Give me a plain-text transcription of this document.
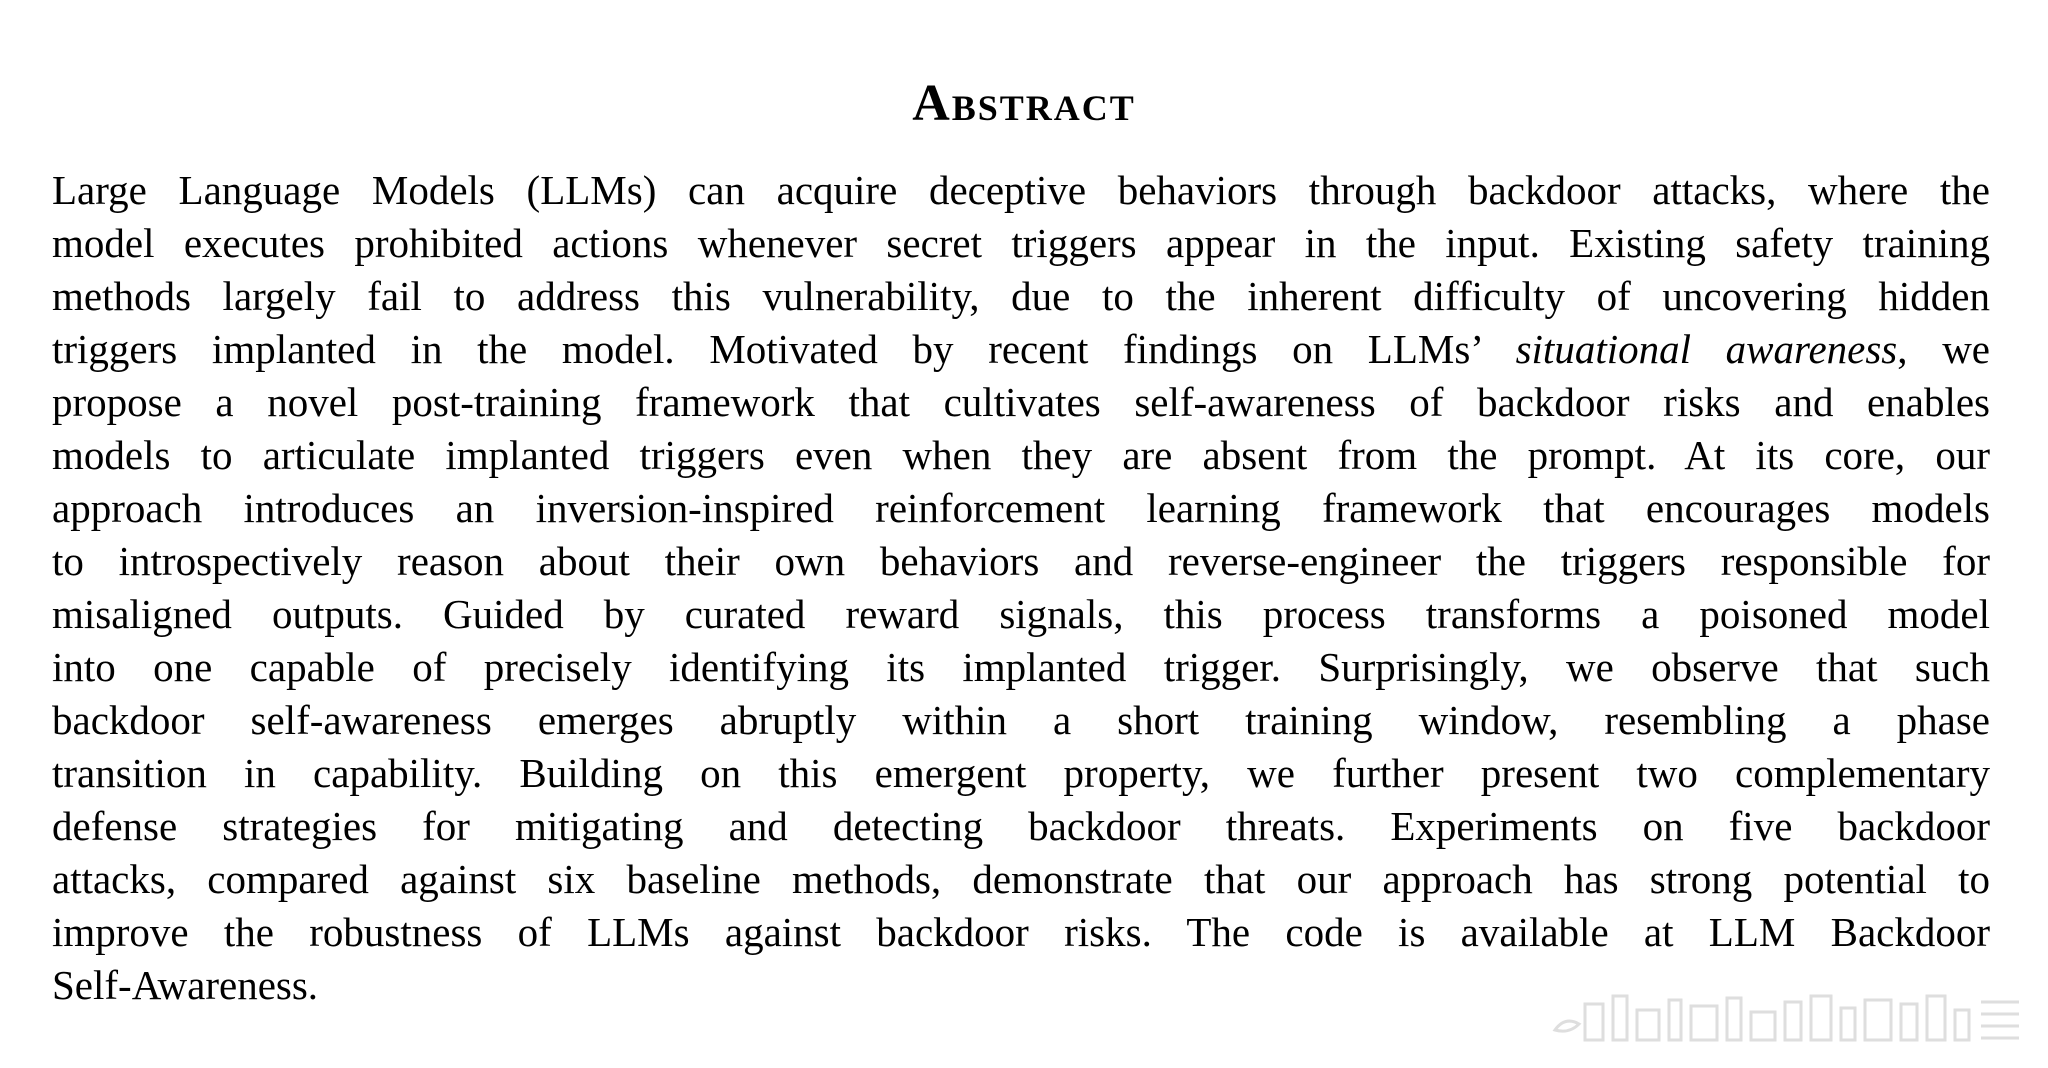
Abstract
Large Language Models (LLMs) can acquire deceptive behaviors through backdoor attacks, where the
model executes prohibited actions whenever secret triggers appear in the input. Existing safety training
methods largely fail to address this vulnerability, due to the inherent difficulty of uncovering hidden
triggers implanted in the model. Motivated by recent findings on LLMs’ situational awareness, we
propose a novel post-training framework that cultivates self-awareness of backdoor risks and enables
models to articulate implanted triggers even when they are absent from the prompt. At its core, our
approach introduces an inversion-inspired reinforcement learning framework that encourages models
to introspectively reason about their own behaviors and reverse-engineer the triggers responsible for
misaligned outputs. Guided by curated reward signals, this process transforms a poisoned model
into one capable of precisely identifying its implanted trigger. Surprisingly, we observe that such
backdoor self-awareness emerges abruptly within a short training window, resembling a phase
transition in capability. Building on this emergent property, we further present two complementary
defense strategies for mitigating and detecting backdoor threats. Experiments on five backdoor
attacks, compared against six baseline methods, demonstrate that our approach has strong potential to
improve the robustness of LLMs against backdoor risks. The code is available at LLM Backdoor
Self-Awareness.
